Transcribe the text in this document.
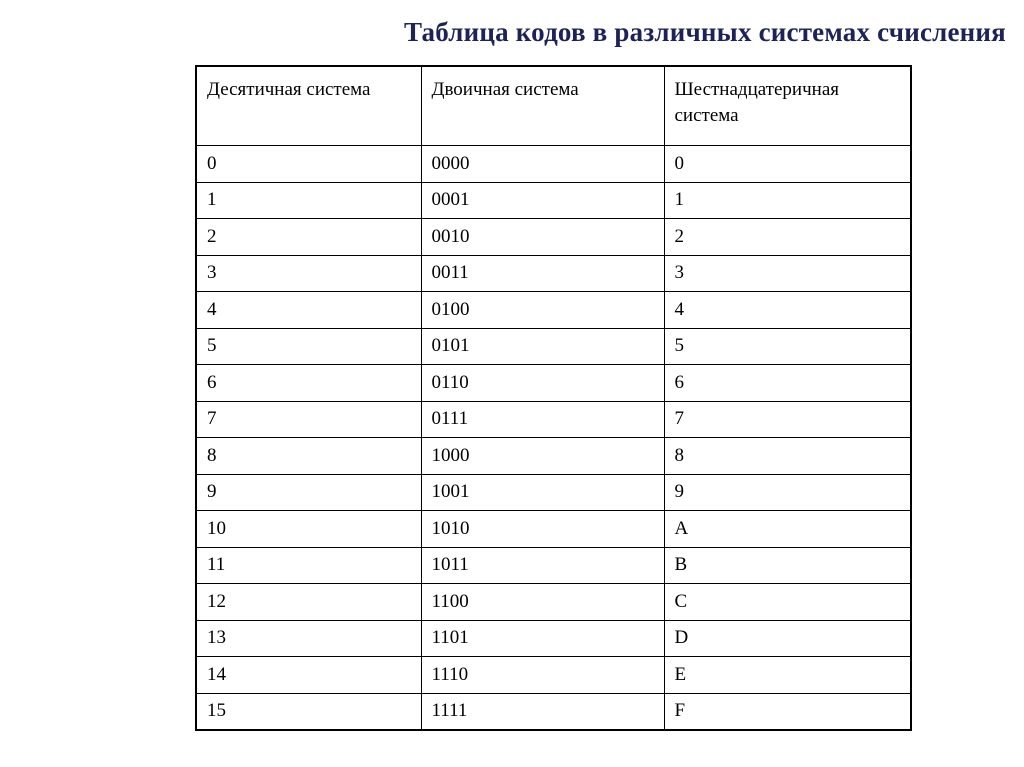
Таблица кодов в различных системах счисления
Десятичная система	Двоичная система	Шестнадцатеричная система
0	0000	0
1	0001	1
2	0010	2
3	0011	3
4	0100	4
5	0101	5
6	0110	6
7	0111	7
8	1000	8
9	1001	9
10	1010	A
11	1011	B
12	1100	C
13	1101	D
14	1110	E
15	1111	F
